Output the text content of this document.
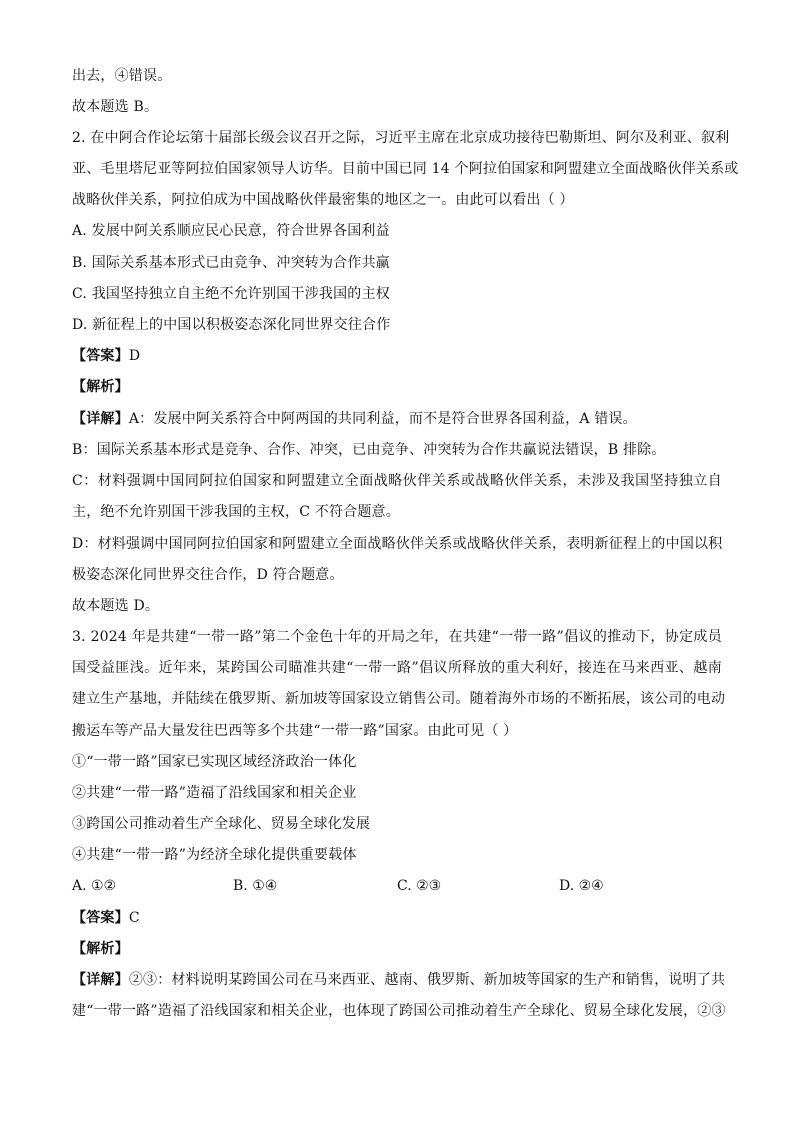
出去，④错误。
故本题选 B。
2. 在中阿合作论坛第十届部长级会议召开之际，习近平主席在北京成功接待巴勒斯坦、阿尔及利亚、叙利
亚、毛里塔尼亚等阿拉伯国家领导人访华。目前中国已同 14 个阿拉伯国家和阿盟建立全面战略伙伴关系或
战略伙伴关系，阿拉伯成为中国战略伙伴最密集的地区之一。由此可以看出（ ）
A. 发展中阿关系顺应民心民意，符合世界各国利益
B. 国际关系基本形式已由竞争、冲突转为合作共赢
C. 我国坚持独立自主绝不允许别国干涉我国的主权
D. 新征程上的中国以积极姿态深化同世界交往合作
【答案】D
【解析】
【详解】A：发展中阿关系符合中阿两国的共同利益，而不是符合世界各国利益，A 错误。
B：国际关系基本形式是竞争、合作、冲突，已由竞争、冲突转为合作共赢说法错误，B 排除。
C：材料强调中国同阿拉伯国家和阿盟建立全面战略伙伴关系或战略伙伴关系，未涉及我国坚持独立自
主，绝不允许别国干涉我国的主权，C 不符合题意。
D：材料强调中国同阿拉伯国家和阿盟建立全面战略伙伴关系或战略伙伴关系，表明新征程上的中国以积
极姿态深化同世界交往合作，D 符合题意。
故本题选 D。
3. 2024 年是共建“一带一路”第二个金色十年的开局之年，在共建“一带一路”倡议的推动下，协定成员
国受益匪浅。近年来，某跨国公司瞄准共建“一带一路”倡议所释放的重大利好，接连在马来西亚、越南
建立生产基地，并陆续在俄罗斯、新加坡等国家设立销售公司。随着海外市场的不断拓展，该公司的电动
搬运车等产品大量发往巴西等多个共建“一带一路”国家。由此可见（ ）
①“一带一路”国家已实现区域经济政治一体化
②共建“一带一路”造福了沿线国家和相关企业
③跨国公司推动着生产全球化、贸易全球化发展
④共建“一带一路”为经济全球化提供重要载体
A. ①②	B. ①④	C. ②③	D. ②④
【答案】C
【解析】
【详解】②③：材料说明某跨国公司在马来西亚、越南、俄罗斯、新加坡等国家的生产和销售，说明了共
建“一带一路”造福了沿线国家和相关企业，也体现了跨国公司推动着生产全球化、贸易全球化发展，②③
